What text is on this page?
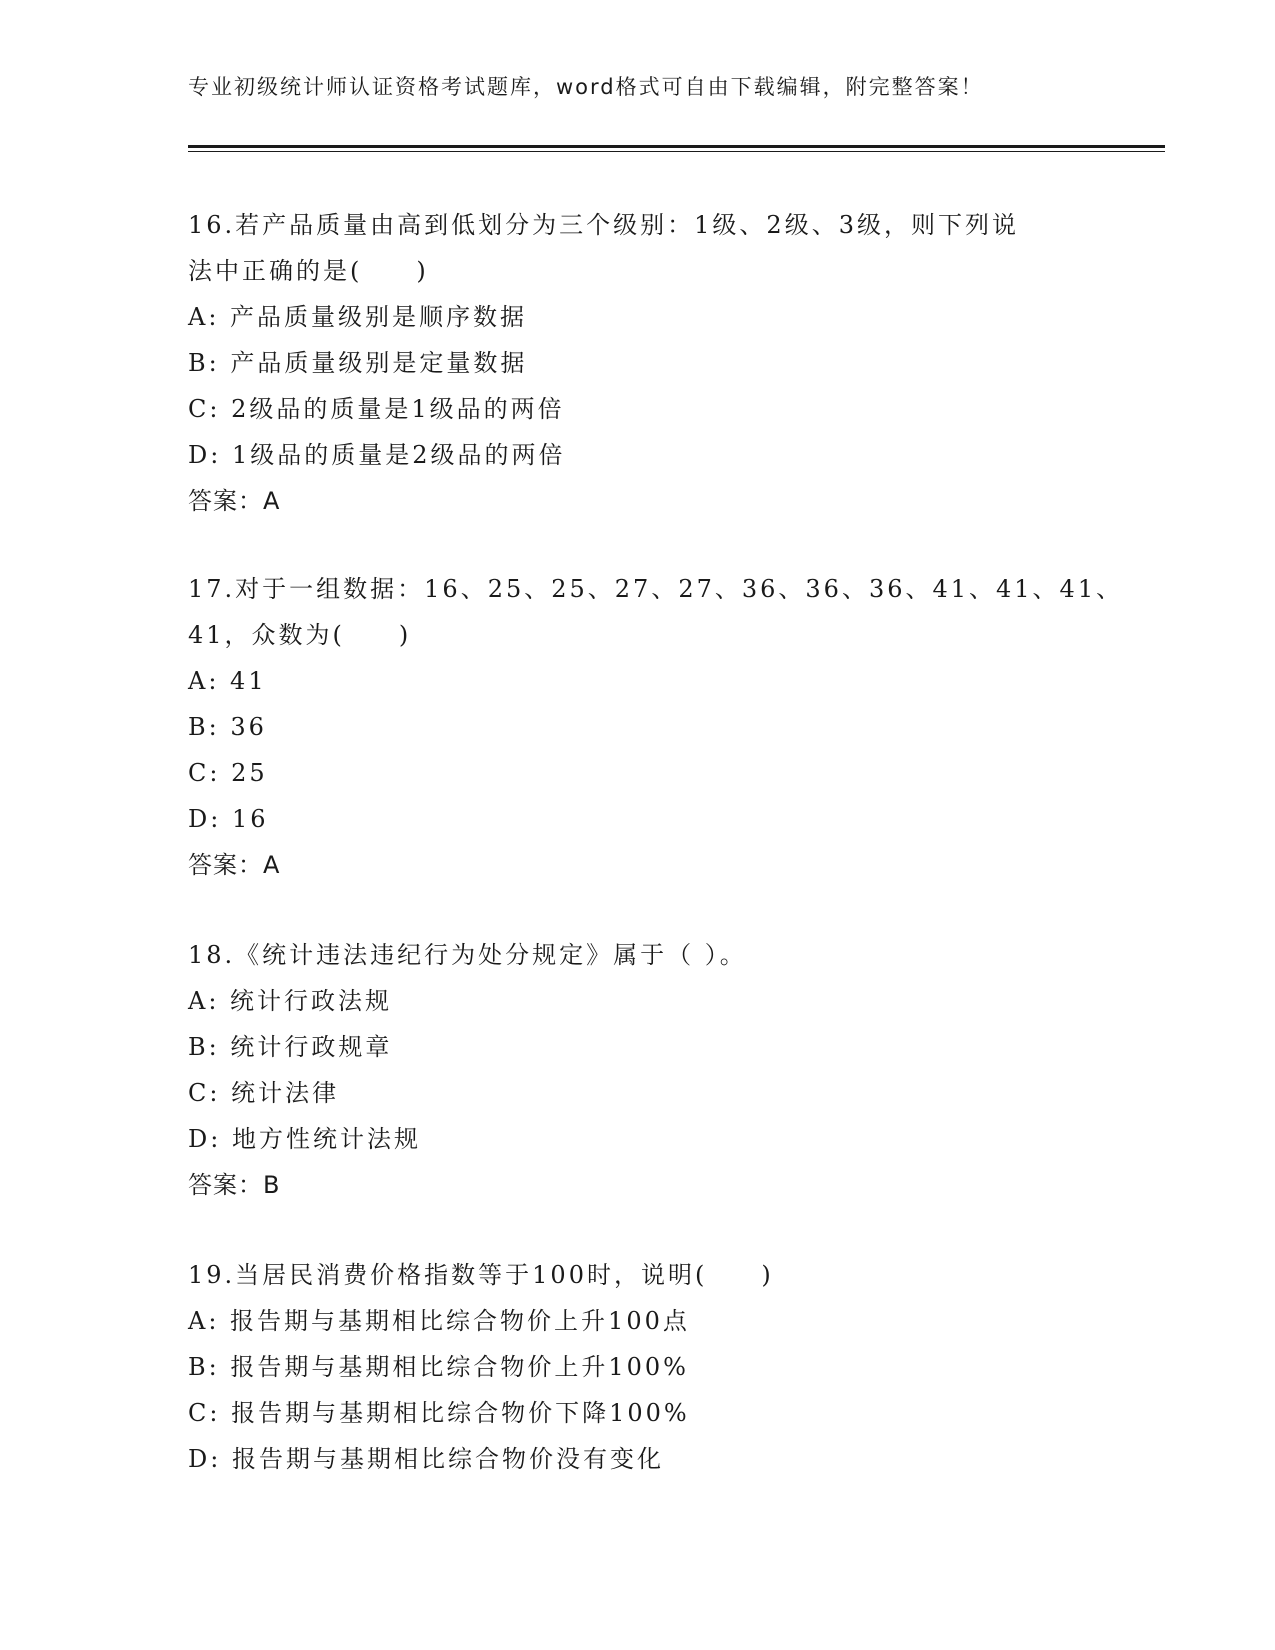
专业初级统计师认证资格考试题库，word格式可自由下载编辑，附完整答案！
16.若产品质量由高到低划分为三个级别：1级、2级、3级，则下列说
法中正确的是(　　)
A: 产品质量级别是顺序数据
B: 产品质量级别是定量数据
C: 2级品的质量是1级品的两倍
D: 1级品的质量是2级品的两倍
答案：A
17.对于一组数据：16、25、25、27、27、36、36、36、41、41、41、
41，众数为(　　)
A: 41
B: 36
C: 25
D: 16
答案：A
18.《统计违法违纪行为处分规定》属于（ ）。
A: 统计行政法规
B: 统计行政规章
C: 统计法律
D: 地方性统计法规
答案：B
19.当居民消费价格指数等于100时，说明(　　)
A: 报告期与基期相比综合物价上升100点
B: 报告期与基期相比综合物价上升100%
C: 报告期与基期相比综合物价下降100%
D: 报告期与基期相比综合物价没有变化
